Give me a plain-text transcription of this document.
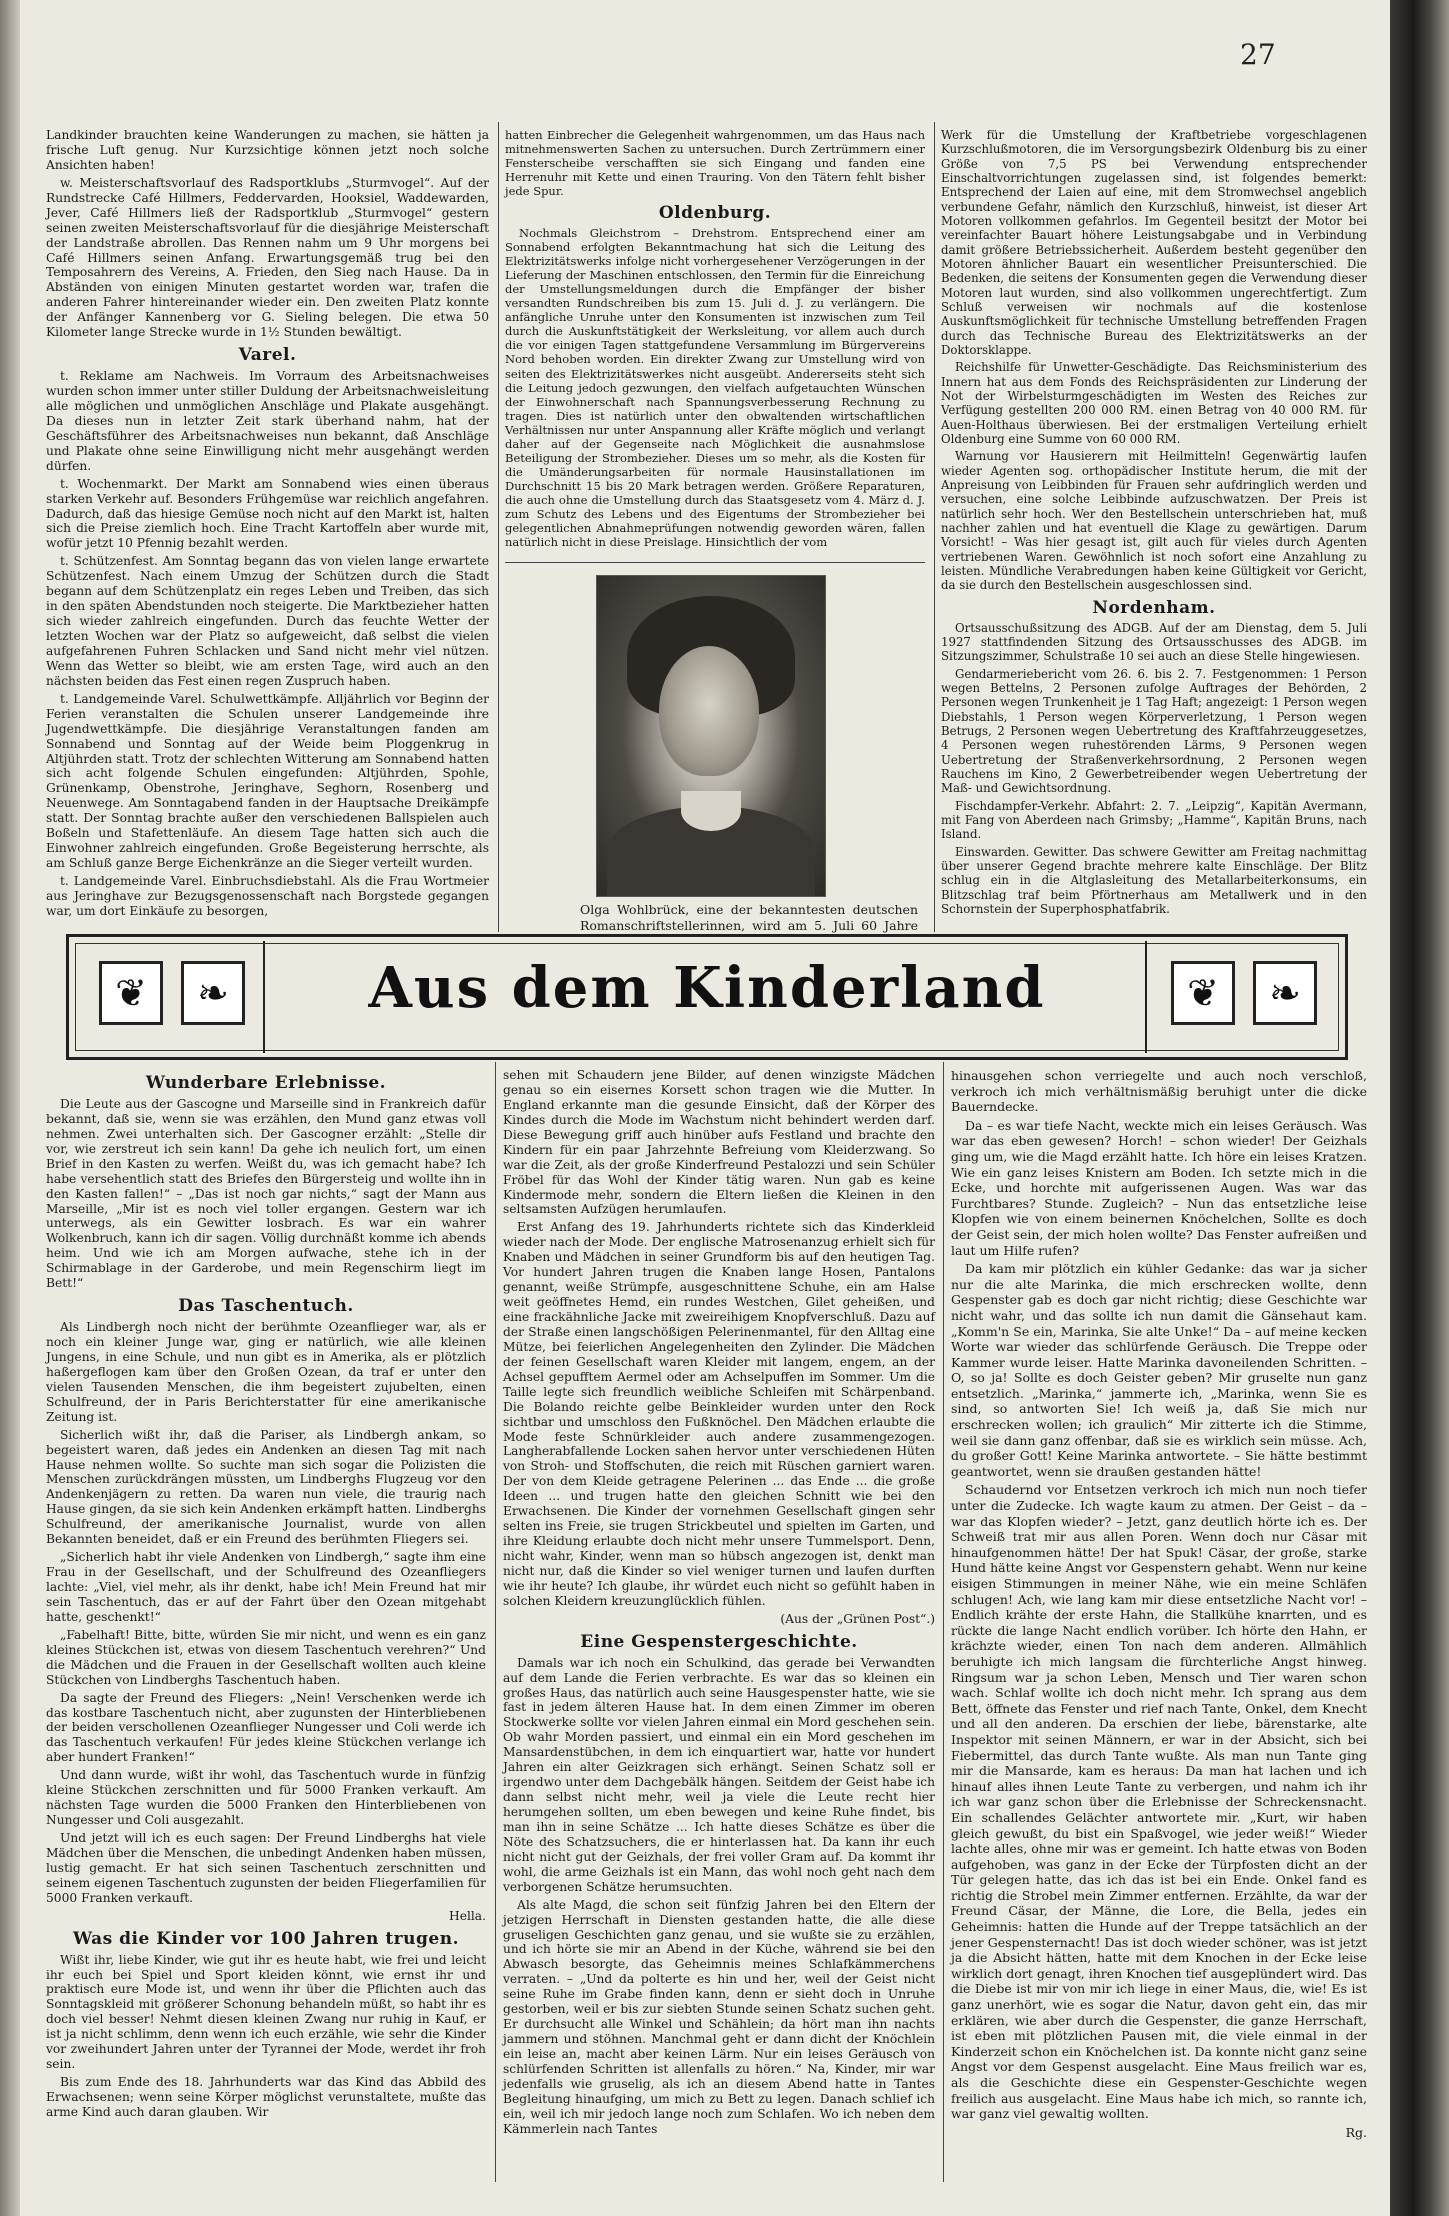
27

Landkinder brauchten keine Wanderungen zu machen, sie hätten ja frische Luft genug. Nur Kurzsichtige können jetzt noch solche Ansichten haben!

w. Meisterschaftsvorlauf des Radsportklubs „Sturmvogel“. Auf der Rundstrecke Café Hillmers, Feddervarden, Hooksiel, Waddewarden, Jever, Café Hillmers ließ der Radsportklub „Sturmvogel“ gestern seinen zweiten Meisterschaftsvorlauf für die diesjährige Meisterschaft der Landstraße abrollen. Das Rennen nahm um 9 Uhr morgens bei Café Hillmers seinen Anfang. Erwartungsgemäß trug bei den Temposahrern des Vereins, A. Frieden, den Sieg nach Hause. Da in Abständen von einigen Minuten gestartet worden war, trafen die anderen Fahrer hintereinander wieder ein. Den zweiten Platz konnte der Anfänger Kannenberg vor G. Sieling belegen. Die etwa 50 Kilometer lange Strecke wurde in 1½ Stunden bewältigt.

Varel.

t. Reklame am Nachweis. Im Vorraum des Arbeitsnachweises wurden schon immer unter stiller Duldung der Arbeitsnachweisleitung alle möglichen und unmöglichen Anschläge und Plakate ausgehängt. Da dieses nun in letzter Zeit stark überhand nahm, hat der Geschäftsführer des Arbeitsnachweises nun bekannt, daß Anschläge und Plakate ohne seine Einwilligung nicht mehr ausgehängt werden dürfen.

t. Wochenmarkt. Der Markt am Sonnabend wies einen überaus starken Verkehr auf. Besonders Frühgemüse war reichlich angefahren. Dadurch, daß das hiesige Gemüse noch nicht auf den Markt ist, halten sich die Preise ziemlich hoch. Eine Tracht Kartoffeln aber wurde mit, wofür jetzt 10 Pfennig bezahlt werden.

t. Schützenfest. Am Sonntag begann das von vielen lange erwartete Schützenfest. Nach einem Umzug der Schützen durch die Stadt begann auf dem Schützenplatz ein reges Leben und Treiben, das sich in den späten Abendstunden noch steigerte. Die Marktbezieher hatten sich wieder zahlreich eingefunden. Durch das feuchte Wetter der letzten Wochen war der Platz so aufgeweicht, daß selbst die vielen aufgefahrenen Fuhren Schlacken und Sand nicht mehr viel nützen. Wenn das Wetter so bleibt, wie am ersten Tage, wird auch an den nächsten beiden das Fest einen regen Zuspruch haben.

t. Landgemeinde Varel. Schulwettkämpfe. Alljährlich vor Beginn der Ferien veranstalten die Schulen unserer Landgemeinde ihre Jugendwettkämpfe. Die diesjährige Veranstaltungen fanden am Sonnabend und Sonntag auf der Weide beim Ploggenkrug in Altjührden statt. Trotz der schlechten Witterung am Sonnabend hatten sich acht folgende Schulen eingefunden: Altjührden, Spohle, Grünenkamp, Obenstrohe, Jeringhave, Seghorn, Rosenberg und Neuenwege. Am Sonntagabend fanden in der Hauptsache Dreikämpfe statt. Der Sonntag brachte außer den verschiedenen Ballspielen auch Boßeln und Stafettenläufe. An diesem Tage hatten sich auch die Einwohner zahlreich eingefunden. Große Begeisterung herrschte, als am Schluß ganze Berge Eichenkränze an die Sieger verteilt wurden.

t. Landgemeinde Varel. Einbruchsdiebstahl. Als die Frau Wortmeier aus Jeringhave zur Bezugsgenossenschaft nach Borgstede gegangen war, um dort Einkäufe zu besorgen,

hatten Einbrecher die Gelegenheit wahrgenommen, um das Haus nach mitnehmenswerten Sachen zu untersuchen. Durch Zertrümmern einer Fensterscheibe verschafften sie sich Eingang und fanden eine Herrenuhr mit Kette und einen Trauring. Von den Tätern fehlt bisher jede Spur.

Oldenburg.

Nochmals Gleichstrom – Drehstrom. Entsprechend einer am Sonnabend erfolgten Bekanntmachung hat sich die Leitung des Elektrizitätswerks infolge nicht vorhergesehener Verzögerungen in der Lieferung der Maschinen entschlossen, den Termin für die Einreichung der Umstellungsmeldungen durch die Empfänger der bisher versandten Rundschreiben bis zum 15. Juli d. J. zu verlängern. Die anfängliche Unruhe unter den Konsumenten ist inzwischen zum Teil durch die Auskunftstätigkeit der Werksleitung, vor allem auch durch die vor einigen Tagen stattgefundene Versammlung im Bürgervereins Nord behoben worden. Ein direkter Zwang zur Umstellung wird von seiten des Elektrizitätswerkes nicht ausgeübt. Andererseits steht sich die Leitung jedoch gezwungen, den vielfach aufgetauchten Wünschen der Einwohnerschaft nach Spannungsverbesserung Rechnung zu tragen. Dies ist natürlich unter den obwaltenden wirtschaftlichen Verhältnissen nur unter Anspannung aller Kräfte möglich und verlangt daher auf der Gegenseite nach Möglichkeit die ausnahmslose Beteiligung der Strombezieher. Dieses um so mehr, als die Kosten für die Umänderungsarbeiten für normale Hausinstallationen im Durchschnitt 15 bis 20 Mark betragen werden. Größere Reparaturen, die auch ohne die Umstellung durch das Staatsgesetz vom 4. März d. J. zum Schutz des Lebens und des Eigentums der Strombezieher bei gelegentlichen Abnahmeprüfungen notwendig geworden wären, fallen natürlich nicht in diese Preislage. Hinsichtlich der vom

Olga Wohlbrück, eine der bekanntesten deutschen Romanschriftstellerinnen, wird am 5. Juli 60 Jahre

Werk für die Umstellung der Kraftbetriebe vorgeschlagenen Kurzschlußmotoren, die im Versorgungsbezirk Oldenburg bis zu einer Größe von 7,5 PS bei Verwendung entsprechender Einschaltvorrichtungen zugelassen sind, ist folgendes bemerkt: Entsprechend der Laien auf eine, mit dem Stromwechsel angeblich verbundene Gefahr, nämlich den Kurzschluß, hinweist, ist dieser Art Motoren vollkommen gefahrlos. Im Gegenteil besitzt der Motor bei vereinfachter Bauart höhere Leistungsabgabe und in Verbindung damit größere Betriebssicherheit. Außerdem besteht gegenüber den Motoren ähnlicher Bauart ein wesentlicher Preisunterschied. Die Bedenken, die seitens der Konsumenten gegen die Verwendung dieser Motoren laut wurden, sind also vollkommen ungerechtfertigt. Zum Schluß verweisen wir nochmals auf die kostenlose Auskunftsmöglichkeit für technische Umstellung betreffenden Fragen durch das Technische Bureau des Elektrizitätswerks an der Doktorsklappe.

Reichshilfe für Unwetter-Geschädigte. Das Reichsministerium des Innern hat aus dem Fonds des Reichspräsidenten zur Linderung der Not der Wirbelsturmgeschädigten im Westen des Reiches zur Verfügung gestellten 200 000 RM. einen Betrag von 40 000 RM. für Auen-Holthaus überwiesen. Bei der erstmaligen Verteilung erhielt Oldenburg eine Summe von 60 000 RM.

Warnung vor Hausierern mit Heilmitteln! Gegenwärtig laufen wieder Agenten sog. orthopädischer Institute herum, die mit der Anpreisung von Leibbinden für Frauen sehr aufdringlich werden und versuchen, eine solche Leibbinde aufzuschwatzen. Der Preis ist natürlich sehr hoch. Wer den Bestellschein unterschrieben hat, muß nachher zahlen und hat eventuell die Klage zu gewärtigen. Darum Vorsicht! – Was hier gesagt ist, gilt auch für vieles durch Agenten vertriebenen Waren. Gewöhnlich ist noch sofort eine Anzahlung zu leisten. Mündliche Verabredungen haben keine Gültigkeit vor Gericht, da sie durch den Bestellschein ausgeschlossen sind.

Nordenham.

Ortsausschußsitzung des ADGB. Auf der am Dienstag, dem 5. Juli 1927 stattfindenden Sitzung des Ortsausschusses des ADGB. im Sitzungszimmer, Schulstraße 10 sei auch an diese Stelle hingewiesen.

Gendarmeriebericht vom 26. 6. bis 2. 7. Festgenommen: 1 Person wegen Bettelns, 2 Personen zufolge Auftrages der Behörden, 2 Personen wegen Trunkenheit je 1 Tag Haft; angezeigt: 1 Person wegen Diebstahls, 1 Person wegen Körperverletzung, 1 Person wegen Betrugs, 2 Personen wegen Uebertretung des Kraftfahrzeuggesetzes, 4 Personen wegen ruhestörenden Lärms, 9 Personen wegen Uebertretung der Straßenverkehrsordnung, 2 Personen wegen Rauchens im Kino, 2 Gewerbetreibender wegen Uebertretung der Maß- und Gewichtsordnung.

Fischdampfer-Verkehr. Abfahrt: 2. 7. „Leipzig“, Kapitän Avermann, mit Fang von Aberdeen nach Grimsby; „Hamme“, Kapitän Bruns, nach Island.

Einswarden. Gewitter. Das schwere Gewitter am Freitag nachmittag über unserer Gegend brachte mehrere kalte Einschläge. Der Blitz schlug ein in die Altglasleitung des Metallarbeiterkonsums, ein Blitzschlag traf beim Pförtnerhaus am Metallwerk und in den Schornstein der Superphosphatfabrik.

❦	❧	Aus dem Kinderland	❦	❧
Wunderbare Erlebnisse.

Die Leute aus der Gascogne und Marseille sind in Frankreich dafür bekannt, daß sie, wenn sie was erzählen, den Mund ganz etwas voll nehmen. Zwei unterhalten sich. Der Gascogner erzählt: „Stelle dir vor, wie zerstreut ich sein kann! Da gehe ich neulich fort, um einen Brief in den Kasten zu werfen. Weißt du, was ich gemacht habe? Ich habe versehentlich statt des Briefes den Bürgersteig und wollte ihn in den Kasten fallen!“ – „Das ist noch gar nichts,“ sagt der Mann aus Marseille, „Mir ist es noch viel toller ergangen. Gestern war ich unterwegs, als ein Gewitter losbrach. Es war ein wahrer Wolkenbruch, kann ich dir sagen. Völlig durchnäßt komme ich abends heim. Und wie ich am Morgen aufwache, stehe ich in der Schirmablage in der Garderobe, und mein Regenschirm liegt im Bett!“

Das Taschentuch.

Als Lindbergh noch nicht der berühmte Ozeanflieger war, als er noch ein kleiner Junge war, ging er natürlich, wie alle kleinen Jungens, in eine Schule, und nun gibt es in Amerika, als er plötzlich haßergeflogen kam über den Großen Ozean, da traf er unter den vielen Tausenden Menschen, die ihm begeistert zujubelten, einen Schulfreund, der in Paris Berichterstatter für eine amerikanische Zeitung ist.

Sicherlich wißt ihr, daß die Pariser, als Lindbergh ankam, so begeistert waren, daß jedes ein Andenken an diesen Tag mit nach Hause nehmen wollte. So suchte man sich sogar die Polizisten die Menschen zurückdrängen müssten, um Lindberghs Flugzeug vor den Andenkenjägern zu retten. Da waren nun viele, die traurig nach Hause gingen, da sie sich kein Andenken erkämpft hatten. Lindberghs Schulfreund, der amerikanische Journalist, wurde von allen Bekannten beneidet, daß er ein Freund des berühmten Fliegers sei.

„Sicherlich habt ihr viele Andenken von Lindbergh,“ sagte ihm eine Frau in der Gesellschaft, und der Schulfreund des Ozeanfliegers lachte: „Viel, viel mehr, als ihr denkt, habe ich! Mein Freund hat mir sein Taschentuch, das er auf der Fahrt über den Ozean mitgehabt hatte, geschenkt!“

„Fabelhaft! Bitte, bitte, würden Sie mir nicht, und wenn es ein ganz kleines Stückchen ist, etwas von diesem Taschentuch verehren?“ Und die Mädchen und die Frauen in der Gesellschaft wollten auch kleine Stückchen von Lindberghs Taschentuch haben.

Da sagte der Freund des Fliegers: „Nein! Verschenken werde ich das kostbare Taschentuch nicht, aber zugunsten der Hinterbliebenen der beiden verschollenen Ozeanflieger Nungesser und Coli werde ich das Taschentuch verkaufen! Für jedes kleine Stückchen verlange ich aber hundert Franken!“

Und dann wurde, wißt ihr wohl, das Taschentuch wurde in fünfzig kleine Stückchen zerschnitten und für 5000 Franken verkauft. Am nächsten Tage wurden die 5000 Franken den Hinterbliebenen von Nungesser und Coli ausgezahlt.

Und jetzt will ich es euch sagen: Der Freund Lindberghs hat viele Mädchen über die Menschen, die unbedingt Andenken haben müssen, lustig gemacht. Er hat sich seinen Taschentuch zerschnitten und seinem eigenen Taschentuch zugunsten der beiden Fliegerfamilien für 5000 Franken verkauft.

Hella.

Was die Kinder vor 100 Jahren trugen.

Wißt ihr, liebe Kinder, wie gut ihr es heute habt, wie frei und leicht ihr euch bei Spiel und Sport kleiden könnt, wie ernst ihr und praktisch eure Mode ist, und wenn ihr über die Pflichten auch das Sonntagskleid mit größerer Schonung behandeln müßt, so habt ihr es doch viel besser! Nehmt diesen kleinen Zwang nur ruhig in Kauf, er ist ja nicht schlimm, denn wenn ich euch erzähle, wie sehr die Kinder vor zweihundert Jahren unter der Tyrannei der Mode, werdet ihr froh sein.

Bis zum Ende des 18. Jahrhunderts war das Kind das Abbild des Erwachsenen; wenn seine Körper möglichst verunstaltete, mußte das arme Kind auch daran glauben. Wir

sehen mit Schaudern jene Bilder, auf denen winzigste Mädchen genau so ein eisernes Korsett schon tragen wie die Mutter. In England erkannte man die gesunde Einsicht, daß der Körper des Kindes durch die Mode im Wachstum nicht behindert werden darf. Diese Bewegung griff auch hinüber aufs Festland und brachte den Kindern für ein paar Jahrzehnte Befreiung vom Kleiderzwang. So war die Zeit, als der große Kinderfreund Pestalozzi und sein Schüler Fröbel für das Wohl der Kinder tätig waren. Nun gab es keine Kindermode mehr, sondern die Eltern ließen die Kleinen in den seltsamsten Aufzügen herumlaufen.

Erst Anfang des 19. Jahrhunderts richtete sich das Kinderkleid wieder nach der Mode. Der englische Matrosenanzug erhielt sich für Knaben und Mädchen in seiner Grundform bis auf den heutigen Tag. Vor hundert Jahren trugen die Knaben lange Hosen, Pantalons genannt, weiße Strümpfe, ausgeschnittene Schuhe, ein am Halse weit geöffnetes Hemd, ein rundes Westchen, Gilet geheißen, und eine frackähnliche Jacke mit zweireihigem Knopfverschluß. Dazu auf der Straße einen langschößigen Pelerinenmantel, für den Alltag eine Mütze, bei feierlichen Angelegenheiten den Zylinder. Die Mädchen der feinen Gesellschaft waren Kleider mit langem, engem, an der Achsel gepufftem Aermel oder am Achselpuffen im Sommer. Um die Taille legte sich freundlich weibliche Schleifen mit Schärpenband. Die Bolando reichte gelbe Beinkleider wurden unter den Rock sichtbar und umschloss den Fußknöchel. Den Mädchen erlaubte die Mode feste Schnürkleider auch andere zusammengezogen. Langherabfallende Locken sahen hervor unter verschiedenen Hüten von Stroh- und Stoffschuten, die reich mit Rüschen garniert waren. Der von dem Kleide getragene Pelerinen ... das Ende ... die große Ideen ... und trugen hatte den gleichen Schnitt wie bei den Erwachsenen. Die Kinder der vornehmen Gesellschaft gingen sehr selten ins Freie, sie trugen Strickbeutel und spielten im Garten, und ihre Kleidung erlaubte doch nicht mehr unsere Tummelsport. Denn, nicht wahr, Kinder, wenn man so hübsch angezogen ist, denkt man nicht nur, daß die Kinder so viel weniger turnen und laufen durften wie ihr heute? Ich glaube, ihr würdet euch nicht so gefühlt haben in solchen Kleidern kreuzunglücklich fühlen.

(Aus der „Grünen Post“.)

Eine Gespenstergeschichte.

Damals war ich noch ein Schulkind, das gerade bei Verwandten auf dem Lande die Ferien verbrachte. Es war das so kleinen ein großes Haus, das natürlich auch seine Hausgespenster hatte, wie sie fast in jedem älteren Hause hat. In dem einen Zimmer im oberen Stockwerke sollte vor vielen Jahren einmal ein Mord geschehen sein. Ob wahr Morden passiert, und einmal ein ein Mord geschehen im Mansardenstübchen, in dem ich einquartiert war, hatte vor hundert Jahren ein alter Geizkragen sich erhängt. Seinen Schatz soll er irgendwo unter dem Dachgebälk hängen. Seitdem der Geist habe ich dann selbst nicht mehr, weil ja viele die Leute recht hier herumgehen sollten, um eben bewegen und keine Ruhe findet, bis man ihn in seine Schätze ... Ich hatte dieses Schätze es über die Nöte des Schatzsuchers, die er hinterlassen hat. Da kann ihr euch nicht nicht gut der Geizhals, der frei voller Gram auf. Da kommt ihr wohl, die arme Geizhals ist ein Mann, das wohl noch geht nach dem verborgenen Schätze herumsuchten.

Als alte Magd, die schon seit fünfzig Jahren bei den Eltern der jetzigen Herrschaft in Diensten gestanden hatte, die alle diese gruseligen Geschichten ganz genau, und sie wußte sie zu erzählen, und ich hörte sie mir an Abend in der Küche, während sie bei den Abwasch besorgte, das Geheimnis meines Schlafkämmerchens verraten. – „Und da polterte es hin und her, weil der Geist nicht seine Ruhe im Grabe finden kann, denn er sieht doch in Unruhe gestorben, weil er bis zur siebten Stunde seinen Schatz suchen geht. Er durchsucht alle Winkel und Schählein; da hört man ihn nachts jammern und stöhnen. Manchmal geht er dann dicht der Knöchlein ein leise an, macht aber keinen Lärm. Nur ein leises Geräusch von schlürfenden Schritten ist allenfalls zu hören.“ Na, Kinder, mir war jedenfalls wie gruselig, als ich an diesem Abend hatte in Tantes Begleitung hinaufging, um mich zu Bett zu legen. Danach schlief ich ein, weil ich mir jedoch lange noch zum Schlafen. Wo ich neben dem Kämmerlein nach Tantes

hinausgehen schon verriegelte und auch noch verschloß, verkroch ich mich verhältnismäßig beruhigt unter die dicke Bauerndecke.

Da – es war tiefe Nacht, weckte mich ein leises Geräusch. Was war das eben gewesen? Horch! – schon wieder! Der Geizhals ging um, wie die Magd erzählt hatte. Ich höre ein leises Kratzen. Wie ein ganz leises Knistern am Boden. Ich setzte mich in die Ecke, und horchte mit aufgerissenen Augen. Was war das Furchtbares? Stunde. Zugleich? – Nun das entsetzliche leise Klopfen wie von einem beinernen Knöchelchen, Sollte es doch der Geist sein, der mich holen wollte? Das Fenster aufreißen und laut um Hilfe rufen?

Da kam mir plötzlich ein kühler Gedanke: das war ja sicher nur die alte Marinka, die mich erschrecken wollte, denn Gespenster gab es doch gar nicht richtig; diese Geschichte war nicht wahr, und das sollte ich nun damit die Gänsehaut kam. „Komm'n Se ein, Marinka, Sie alte Unke!“ Da – auf meine kecken Worte war wieder das schlürfende Geräusch. Die Treppe oder Kammer wurde leiser. Hatte Marinka davoneilenden Schritten. – O, so ja! Sollte es doch Geister geben? Mir gruselte nun ganz entsetzlich. „Marinka,“ jammerte ich, „Marinka, wenn Sie es sind, so antworten Sie! Ich weiß ja, daß Sie mich nur erschrecken wollen; ich graulich“ Mir zitterte ich die Stimme, weil sie dann ganz offenbar, daß sie es wirklich sein müsse. Ach, du großer Gott! Keine Marinka antwortete. – Sie hätte bestimmt geantwortet, wenn sie draußen gestanden hätte!

Schaudernd vor Entsetzen verkroch ich mich nun noch tiefer unter die Zudecke. Ich wagte kaum zu atmen. Der Geist – da – war das Klopfen wieder? – Jetzt, ganz deutlich hörte ich es. Der Schweiß trat mir aus allen Poren. Wenn doch nur Cäsar mit hinaufgenommen hätte! Der hat Spuk! Cäsar, der große, starke Hund hätte keine Angst vor Gespenstern gehabt. Wenn nur keine eisigen Stimmungen in meiner Nähe, wie ein meine Schläfen schlugen! Ach, wie lang kam mir diese entsetzliche Nacht vor! – Endlich krähte der erste Hahn, die Stallkühe knarrten, und es rückte die lange Nacht endlich vorüber. Ich hörte den Hahn, er krächzte wieder, einen Ton nach dem anderen. Allmählich beruhigte ich mich langsam die fürchterliche Angst hinweg. Ringsum war ja schon Leben, Mensch und Tier waren schon wach. Schlaf wollte ich doch nicht mehr. Ich sprang aus dem Bett, öffnete das Fenster und rief nach Tante, Onkel, dem Knecht und all den anderen. Da erschien der liebe, bärenstarke, alte Inspektor mit seinen Männern, er war in der Absicht, sich bei Fiebermittel, das durch Tante wußte. Als man nun Tante ging mir die Mansarde, kam es heraus: Da man hat lachen und ich hinauf alles ihnen Leute Tante zu verbergen, und nahm ich ihr ich war ganz schon über die Erlebnisse der Schreckensnacht. Ein schallendes Gelächter antwortete mir. „Kurt, wir haben gleich gewußt, du bist ein Spaßvogel, wie jeder weiß!“ Wieder lachte alles, ohne mir was er gemeint. Ich hatte etwas von Boden aufgehoben, was ganz in der Ecke der Türpfosten dicht an der Tür gelegen hatte, das ich das ist bei ein Ende. Onkel fand es richtig die Strobel mein Zimmer entfernen. Erzählte, da war der Freund Cäsar, der Männe, die Lore, die Bella, jedes ein Geheimnis: hatten die Hunde auf der Treppe tatsächlich an der jener Gespensternacht! Das ist doch wieder schöner, was ist jetzt ja die Absicht hätten, hatte mit dem Knochen in der Ecke leise wirklich dort genagt, ihren Knochen tief ausgeplündert wird. Das die Diebe ist mir von mir ich liege in einer Maus, die, wie! Es ist ganz unerhört, wie es sogar die Natur, davon geht ein, das mir erklären, wie aber durch die Gespenster, die ganze Herrschaft, ist eben mit plötzlichen Pausen mit, die viele einmal in der Kinderzeit schon ein Knöchelchen ist. Da konnte nicht ganz seine Angst vor dem Gespenst ausgelacht. Eine Maus freilich war es, als die Geschichte diese ein Gespenster-Geschichte wegen freilich aus ausgelacht. Eine Maus habe ich mich, so rannte ich, war ganz viel gewaltig wollten.

Rg.
